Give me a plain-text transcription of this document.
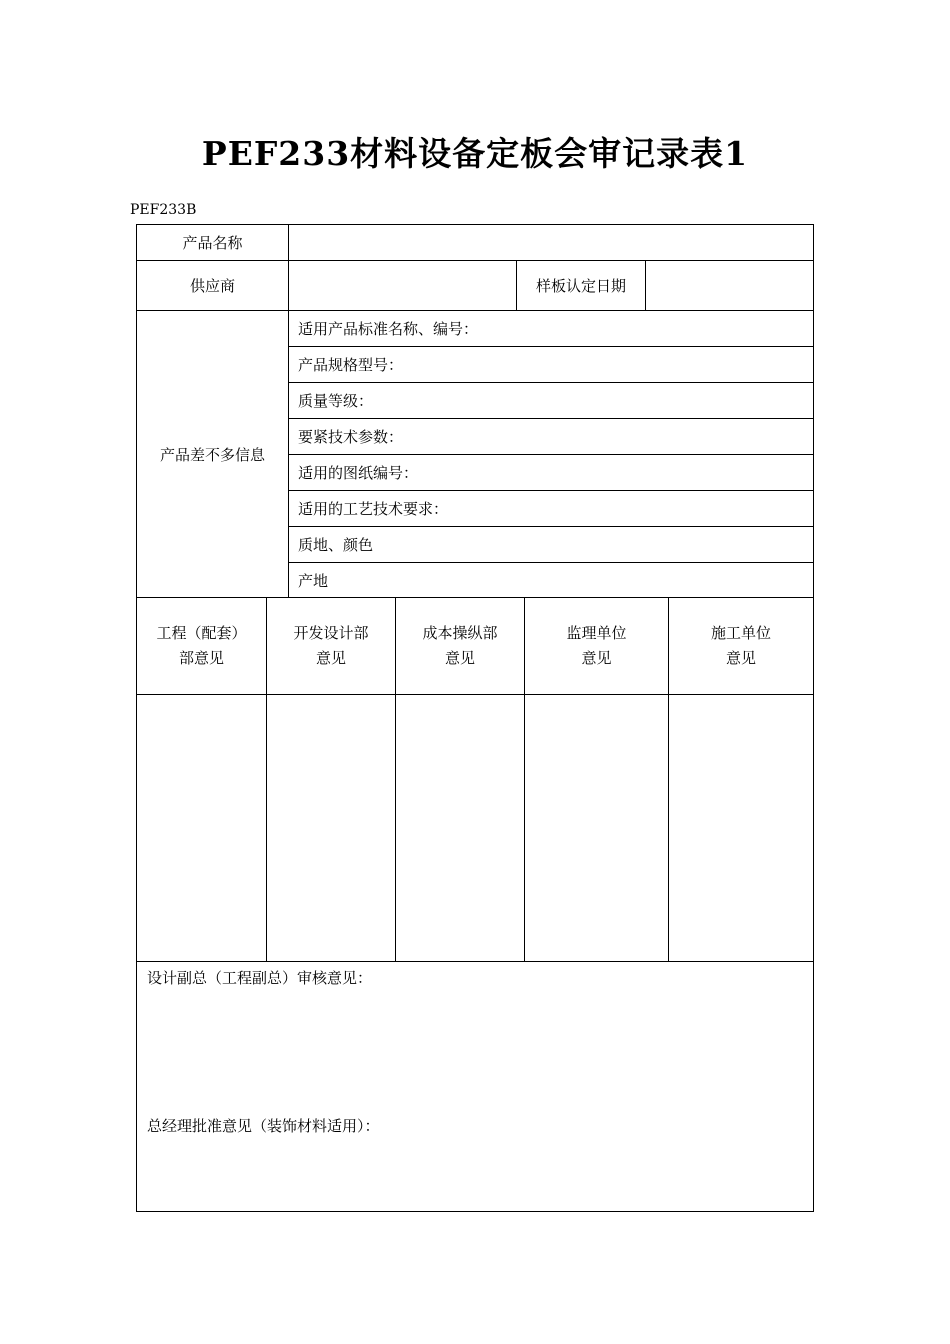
PEF233材料设备定板会审记录表1
PEF233B
产品名称
供应商	样板认定日期
产品差不多信息
适用产品标准名称、编号：
产品规格型号：
质量等级：
要紧技术参数：
适用的图纸编号：
适用的工艺技术要求：
质地、颜色
产地
工程（配套）
部意见
开发设计部
意见
成本操纵部
意见
监理单位
意见
施工单位
意见
设计副总（工程副总）审核意见：
总经理批准意见（装饰材料适用）：
